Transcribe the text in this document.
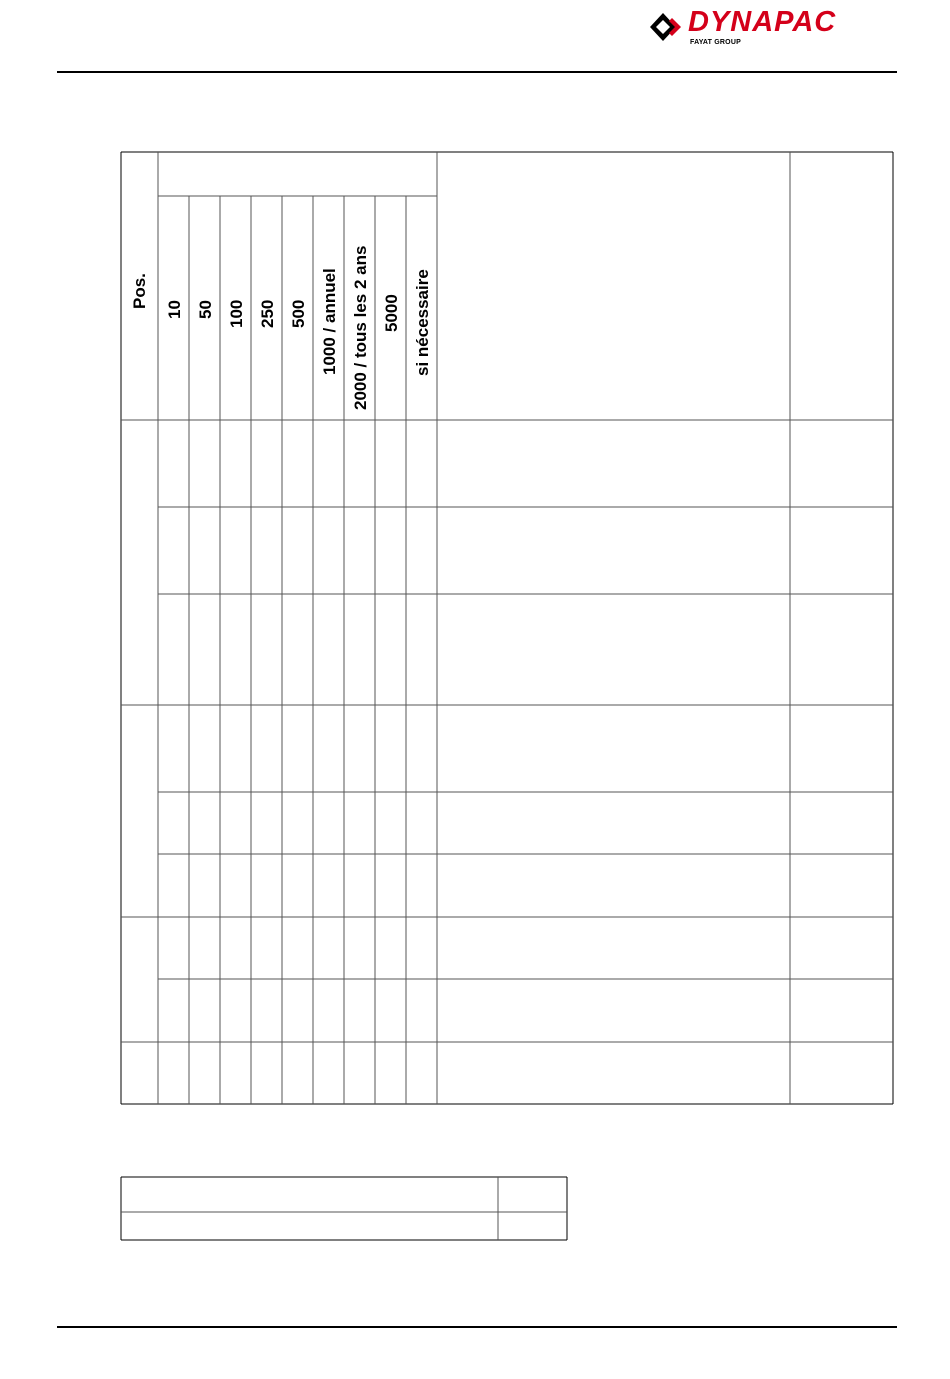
DYNAPAC
FAYAT GROUP
Pos.
10 50 100 250 500 1000 / annuel 2000 / tous les 2 ans 5000 si nécessaire
